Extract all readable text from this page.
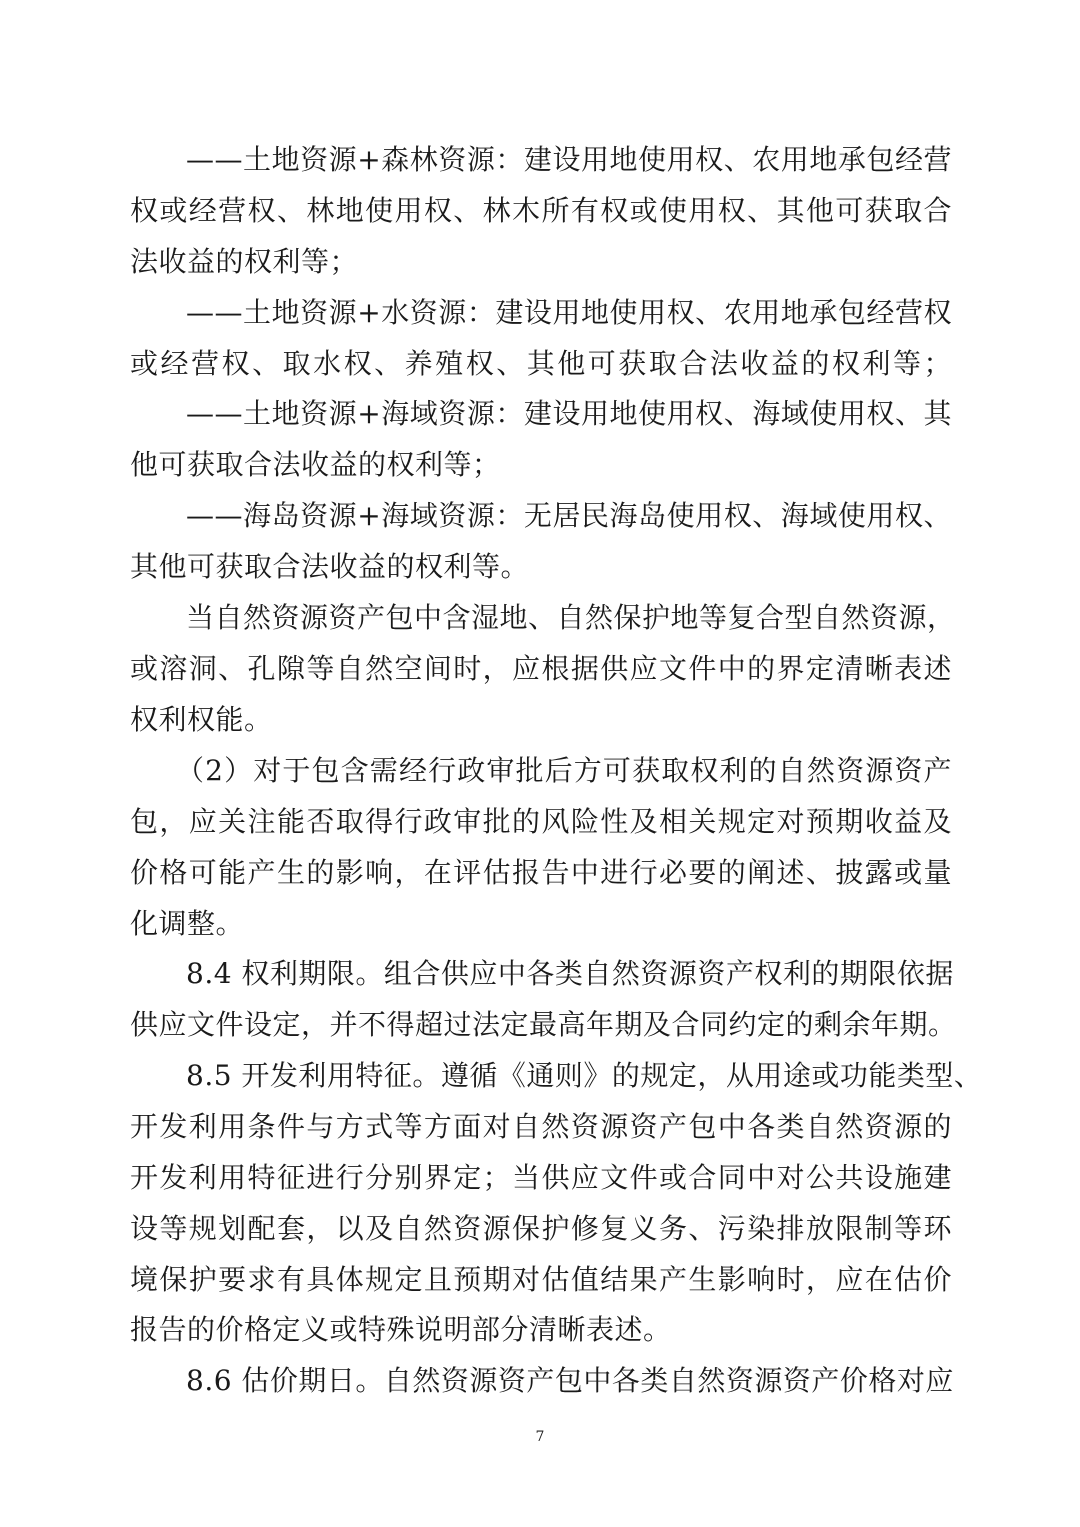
——土地资源+森林资源：建设用地使用权、农用地承包经营
权或经营权、林地使用权、林木所有权或使用权、其他可获取合
法收益的权利等；
——土地资源+水资源：建设用地使用权、农用地承包经营权
或经营权、取水权、养殖权、其他可获取合法收益的权利等；
——土地资源+海域资源：建设用地使用权、海域使用权、其
他可获取合法收益的权利等；
——海岛资源+海域资源：无居民海岛使用权、海域使用权、
其他可获取合法收益的权利等。
当自然资源资产包中含湿地、自然保护地等复合型自然资源，
或溶洞、孔隙等自然空间时，应根据供应文件中的界定清晰表述
权利权能。
（2）对于包含需经行政审批后方可获取权利的自然资源资产
包，应关注能否取得行政审批的风险性及相关规定对预期收益及
价格可能产生的影响，在评估报告中进行必要的阐述、披露或量
化调整。
8.4 权利期限。组合供应中各类自然资源资产权利的期限依据
供应文件设定，并不得超过法定最高年期及合同约定的剩余年期。
8.5 开发利用特征。遵循《通则》的规定，从用途或功能类型、
开发利用条件与方式等方面对自然资源资产包中各类自然资源的
开发利用特征进行分别界定；当供应文件或合同中对公共设施建
设等规划配套，以及自然资源保护修复义务、污染排放限制等环
境保护要求有具体规定且预期对估值结果产生影响时，应在估价
报告的价格定义或特殊说明部分清晰表述。
8.6 估价期日。自然资源资产包中各类自然资源资产价格对应
7
